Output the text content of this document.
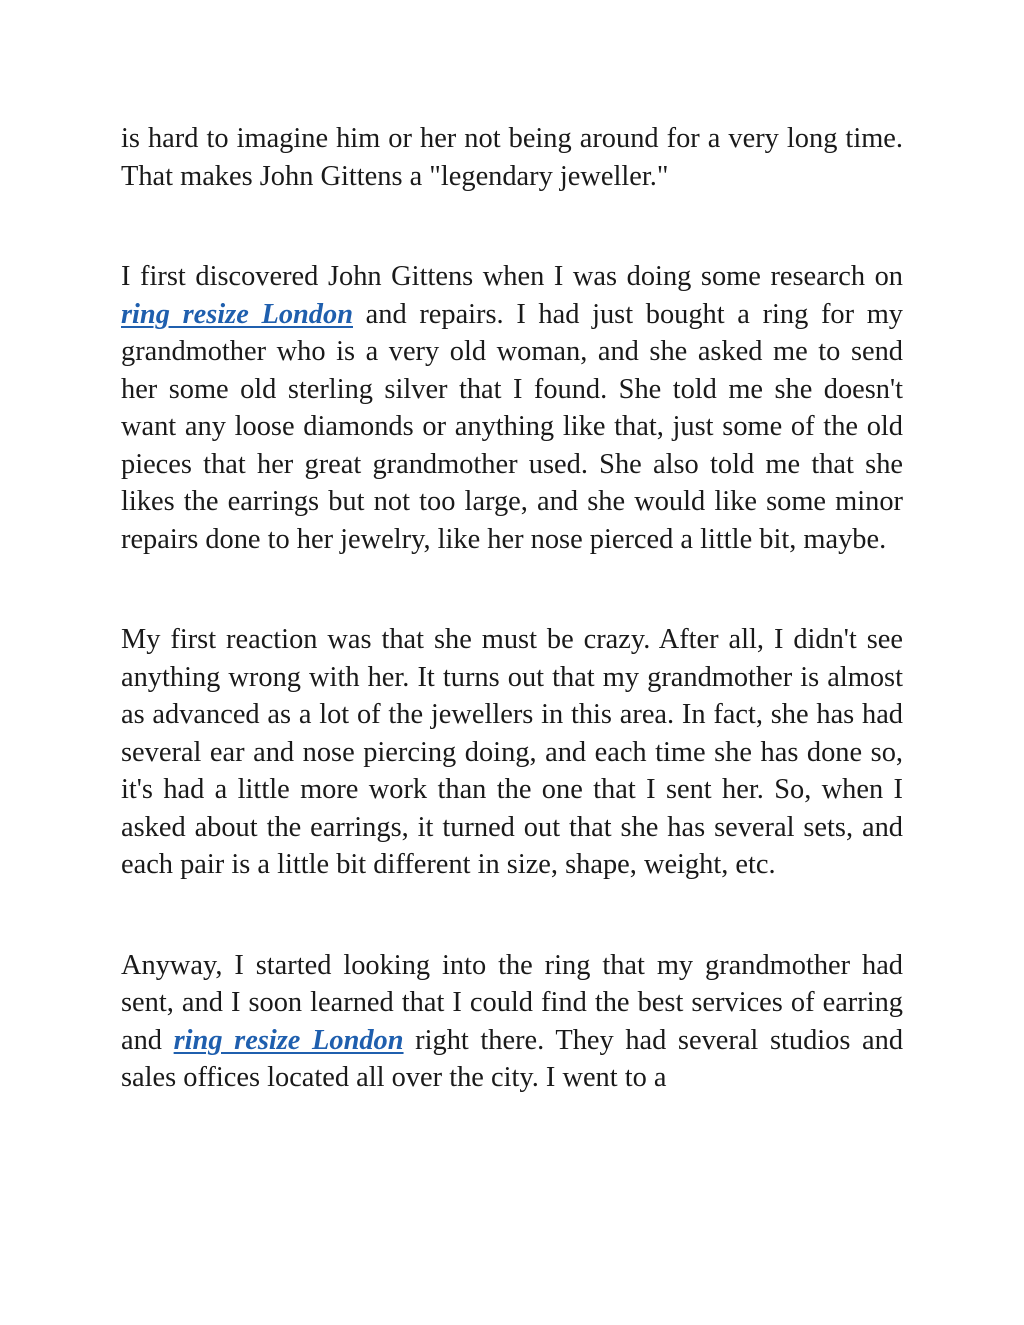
is hard to imagine him or her not being around for a very long time. That makes John Gittens a "legendary jeweller."

I first discovered John Gittens when I was doing some research on ring resize London and repairs. I had just bought a ring for my grandmother who is a very old woman, and she asked me to send her some old sterling silver that I found. She told me she doesn't want any loose diamonds or anything like that, just some of the old pieces that her great grandmother used. She also told me that she likes the earrings but not too large, and she would like some minor repairs done to her jewelry, like her nose pierced a little bit, maybe.

My first reaction was that she must be crazy. After all, I didn't see anything wrong with her. It turns out that my grandmother is almost as advanced as a lot of the jewellers in this area. In fact, she has had several ear and nose piercing doing, and each time she has done so, it's had a little more work than the one that I sent her. So, when I asked about the earrings, it turned out that she has several sets, and each pair is a little bit different in size, shape, weight, etc.

Anyway, I started looking into the ring that my grandmother had sent, and I soon learned that I could find the best services of earring and ring resize London right there. They had several studios and sales offices located all over the city. I went to a
